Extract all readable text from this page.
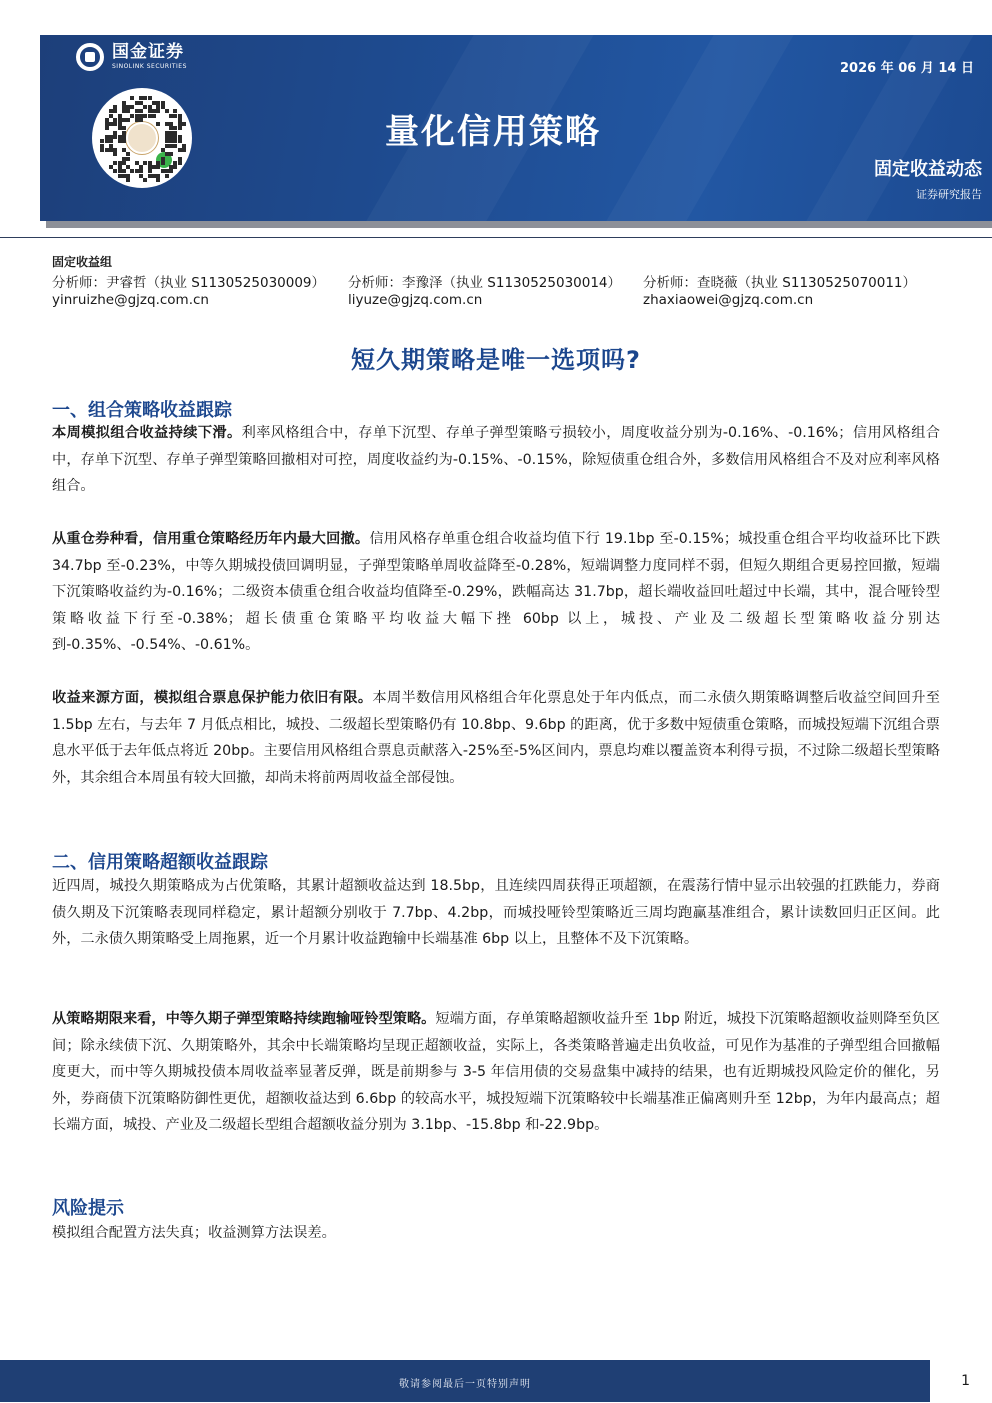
国金证券
SINOLINK SECURITIES	2026 年 06 月 14 日
量化信用策略
固定收益动态
证券研究报告
固定收益组
分析师：尹睿哲（执业 S1130525030009） 分析师：李豫泽（执业 S1130525030014） 分析师：查晓薇（执业 S1130525070011）
yinruizhe@gjzq.com.cn	liyuze@gjzq.com.cn	zhaxiaowei@gjzq.com.cn
短久期策略是唯一选项吗?
一、组合策略收益跟踪
本周模拟组合收益持续下滑。利率风格组合中，存单下沉型、存单子弹型策略亏损较小，周度收益分别为-0.16%、-0.16%；信用风格组合中，存单下沉型、存单子弹型策略回撤相对可控，周度收益约为-0.15%、-0.15%，除短债重仓组合外，多数信用风格组合不及对应利率风格组合。
从重仓券种看，信用重仓策略经历年内最大回撤。信用风格存单重仓组合收益均值下行 19.1bp 至-0.15%；城投重仓组合平均收益环比下跌 34.7bp 至-0.23%，中等久期城投债回调明显，子弹型策略单周收益降至-0.28%，短端调整力度同样不弱，但短久期组合更易控回撤，短端下沉策略收益约为-0.16%；二级资本债重仓组合收益均值降至-0.29%，跌幅高达 31.7bp，超长端收益回吐超过中长端，其中，混合哑铃型策略收益下行至-0.38%；超长债重仓策略平均收益大幅下挫 60bp 以上，城投、产业及二级超长型策略收益分别达到-0.35%、-0.54%、-0.61%。
收益来源方面，模拟组合票息保护能力依旧有限。本周半数信用风格组合年化票息处于年内低点，而二永债久期策略调整后收益空间回升至 1.5bp 左右，与去年 7 月低点相比，城投、二级超长型策略仍有 10.8bp、9.6bp 的距离，优于多数中短债重仓策略，而城投短端下沉组合票息水平低于去年低点将近 20bp。主要信用风格组合票息贡献落入-25%至-5%区间内，票息均难以覆盖资本利得亏损，不过除二级超长型策略外，其余组合本周虽有较大回撤，却尚未将前两周收益全部侵蚀。
二、信用策略超额收益跟踪
近四周，城投久期策略成为占优策略，其累计超额收益达到 18.5bp，且连续四周获得正项超额，在震荡行情中显示出较强的扛跌能力，券商债久期及下沉策略表现同样稳定，累计超额分别收于 7.7bp、4.2bp，而城投哑铃型策略近三周均跑赢基准组合，累计读数回归正区间。此外，二永债久期策略受上周拖累，近一个月累计收益跑输中长端基准 6bp 以上，且整体不及下沉策略。
从策略期限来看，中等久期子弹型策略持续跑输哑铃型策略。短端方面，存单策略超额收益升至 1bp 附近，城投下沉策略超额收益则降至负区间；除永续债下沉、久期策略外，其余中长端策略均呈现正超额收益，实际上，各类策略普遍走出负收益，可见作为基准的子弹型组合回撤幅度更大，而中等久期城投债本周收益率显著反弹，既是前期参与 3-5 年信用债的交易盘集中减持的结果，也有近期城投风险定价的催化，另外，券商债下沉策略防御性更优，超额收益达到 6.6bp 的较高水平，城投短端下沉策略较中长端基准正偏离则升至 12bp，为年内最高点；超长端方面，城投、产业及二级超长型组合超额收益分别为 3.1bp、-15.8bp 和-22.9bp。
风险提示
模拟组合配置方法失真；收益测算方法误差。
敬请参阅最后一页特别声明	1
